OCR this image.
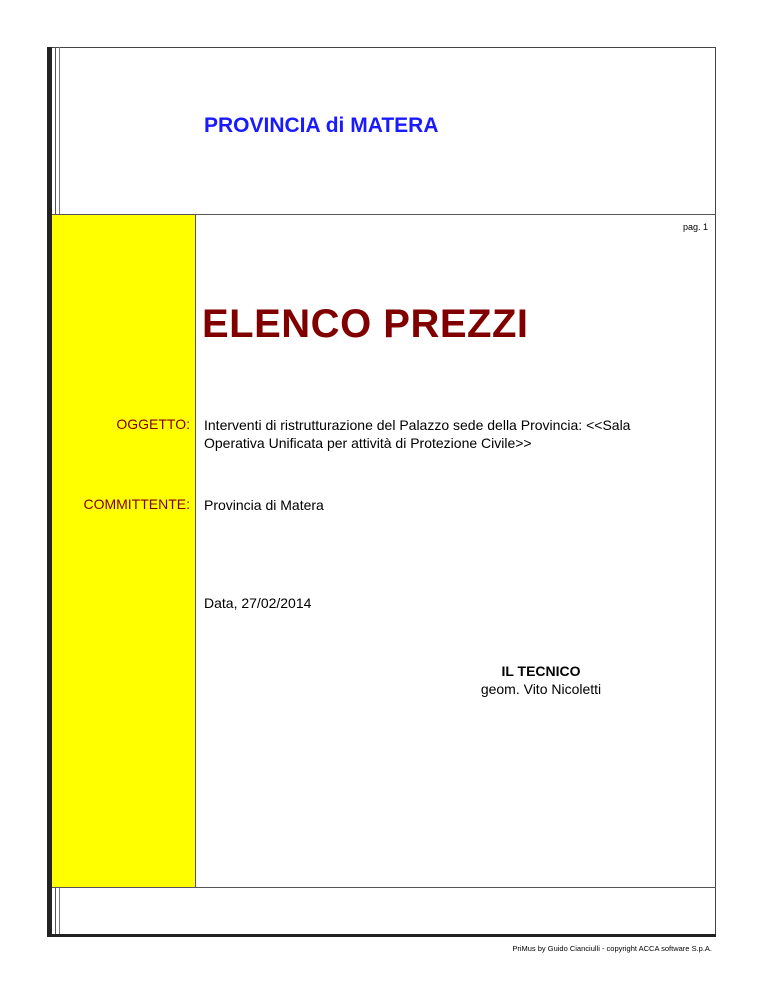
PROVINCIA di MATERA
pag. 1
ELENCO PREZZI
OGGETTO: Interventi di ristrutturazione del Palazzo sede della Provincia: <<Sala
Operativa Unificata per attività di Protezione Civile>>
COMMITTENTE: Provincia di Matera
Data, 27/02/2014
IL TECNICO
geom. Vito Nicoletti
PriMus by Guido Cianciulli - copyright ACCA software S.p.A.
